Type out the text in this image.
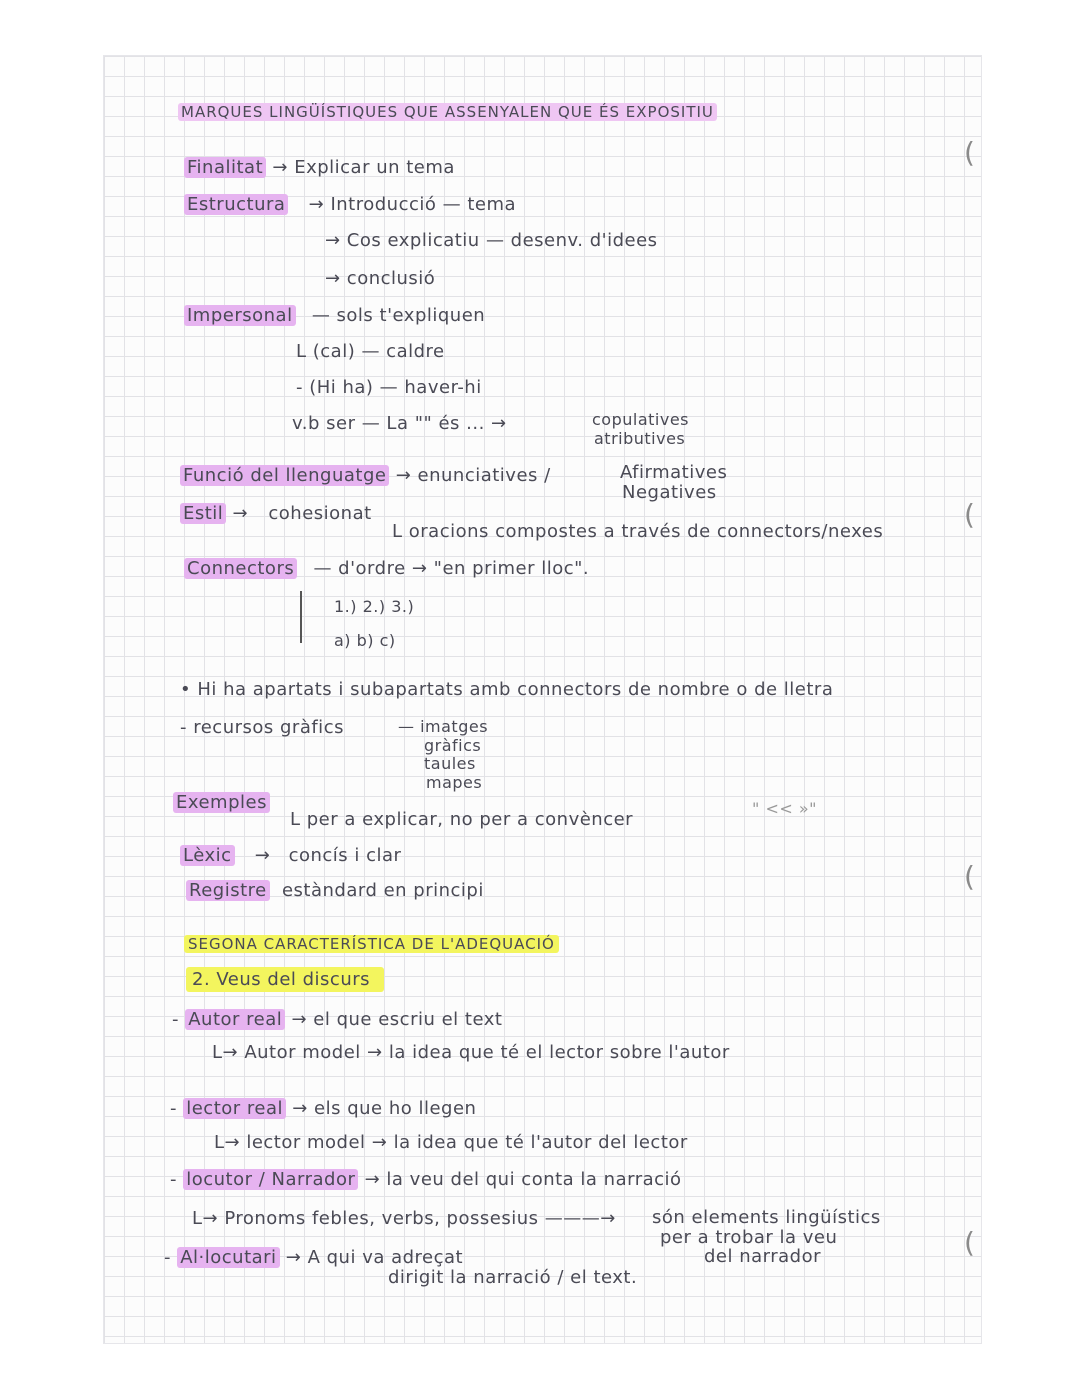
MARQUES LINGÜÍSTIQUES QUE ASSENYALEN QUE ÉS EXPOSITIU
Finalitat → Explicar un tema
Estructura → Introducció — tema
→ Cos explicatiu — desenv. d'idees
→ conclusió
Impersonal — sols t'expliquen
L (cal) — caldre
- (Hi ha) — haver-hi
v.b ser — La "" és ... →	copulatives
atributives
Funció del llenguatge → enunciatives /	Afirmatives
Negatives
Estil → cohesionat
L oracions compostes a través de connectors/nexes
Connectors — d'ordre → "en primer lloc".
1.) 2.) 3.)
a) b) c)
• Hi ha apartats i subapartats amb connectors de nombre o de lletra
- recursos gràfics	— imatges
gràfics
taules
mapes
Exemples
L per a explicar, no per a convèncer
" << »"
Lèxic → concís i clar
Registre estàndard en principi
SEGONA CARACTERÍSTICA DE L'ADEQUACIÓ
2. Veus del discurs
- Autor real → el que escriu el text
L→ Autor model → la idea que té el lector sobre l'autor
- lector real → els que ho llegen
L→ lector model → la idea que té l'autor del lector
- locutor / Narrador → la veu del qui conta la narració
L→ Pronoms febles, verbs, possesius ———→ són elements lingüístics
per a trobar la veu
del narrador
- Al·locutari → A qui va adreçat
dirigit la narració / el text.
(
(
(
(
